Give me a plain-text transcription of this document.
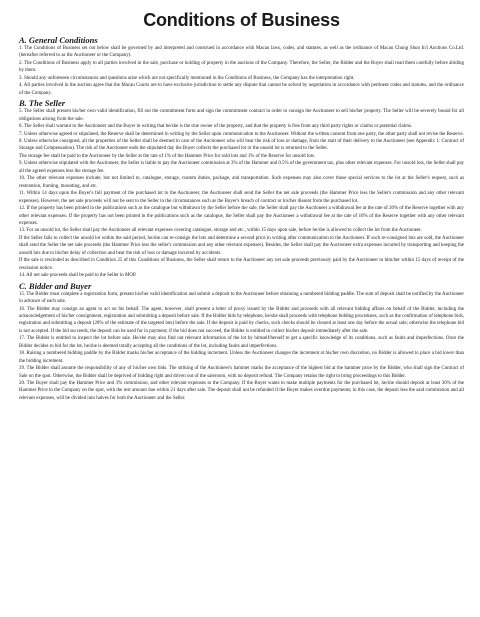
Conditions of Business
A. General Conditions

1. The Conditions of Business set out below shall be governed by and interpreted and construed in accordance with Macau laws, codes, and statutes, as well as the ordinance of Macau Chung Shun In'i Auctions Co.Ltd. (hereafter referred to as the Auctioneer or the Company).

2. The Conditions of Business apply to all parties involved in the sale, purchase or holding of property in the auctions of the Company. Therefore, the Seller, the Bidder and the Buyer shall read them carefully before abiding by them.

3. Should any unforeseen circumstances and questions arise which are not specifically mentioned in the Conditions of Business, the Company has the interpretation right.

4. All parties involved in the auction agree that the Macau Courts are to have exclusive jurisdiction to settle any dispute that cannot be solved by negotiation in accordance with pertinent codes and statutes, and the ordinance of the Company.

B. The Seller

5. The Seller shall present his/her own valid identification, fill out the commitment form and sign the commitment contract in order to consign the Auctioneer to sell his/her property. The Seller will be severely bound for all obligations arising from the sale.

6. The Seller shall warrant to the Auctioneer and the Buyer in writing that he/she is the true owner of the property, and that the property is free from any third party rights or claims or potential claims.

7. Unless otherwise agreed or stipulated, the Reserve shall be determined in writing by the Seller upon communication to the Auctioneer. Without the written consent from one party, the other party shall not revise the Reserve.

8. Unless otherwise consigned, all the properties of the Seller shall be deemed in care of the Auctioneer who will bear the risk of loss or damage, from the start of their delivery to the Auctioneer (see Appendix 1: Contract of Storage and Compensation). The risk of the Auctioneer ends the stipulated day the Buyer collects the purchased lot or the unsold lot is returned to the Seller.

The storage fee shall be paid to the Auctioneer by the Seller at the rate of 1% of the Hammer Price for sold lots and 1% of the Reserve for unsold lots.

9. Unless otherwise stipulated with the Auctioneer, the Seller is liable to pay the Auctioneer commission at 3% of the Hammer and 0.5% of the government tax, plus other relevant expenses. For unsold lots, the Seller shall pay all the agreed expenses less the storage fee.

10. The other relevant expenses include, but not limited to, catalogue, storage, custom duties, package, and transportation. Such expenses may also cover those special services to the lot at the Seller's request, such as restoration, framing, mounting, and etc.

11. Within 14 days upon the Buyer's full payment of the purchased lot to the Auctioneer, the Auctioneer shall send the Seller the net sale proceeds (the Hammer Price less the Seller's commission and any other relevant expenses). However, the net sale proceeds will not be sent to the Seller in the circumstances such as the Buyer's breach of contract or his/her dissent from the purchased lot.

12. If the property has been printed in the publications such as the catalogue but withdrawn by the Seller before the sale, the Seller shall pay the Auctioneer a withdrawal fee at the rate of 20% of the Reserve together with any other relevant expenses. If the property has not been printed in the publications such as the catalogue, the Seller shall pay the Auctioneer a withdrawal fee at the rate of 10% of the Reserve together with any other relevant expenses.

13. For an unsold lot, the Seller shall pay the Auctioneer all relevant expenses covering catalogue, storage and etc., within 15 days upon sale, before he/she is allowed to collect the lot from the Auctioneer.

If the Seller fails to collect the unsold lot within the said period, he/she can re-consign the lots and determine a second price in writing after communication to the Auctioneer. If such re-consigned lots are sold, the Auctioneer shall send the Seller the net sale proceeds (the Hammer Price less the seller's commission and any other relevant expenses). Besides, the Seller shall pay the Auctioneer extra expenses incurred by transporting and keeping the unsold lots due to his/her delay of collection and bear the risk of loss or damage incurred by accidents.

If the sale is rescinded as described in Condition 25 of this Conditions of Business, the Seller shall return to the Auctioneer any net sale proceeds previously paid by the Auctioneer to him/her within 15 days of receipt of the rescission notice.

14. All net sale proceeds shall be paid to the Seller in MOP.

C. Bidder and Buyer

15. The Bidder must complete a registration form, present his/her valid identification and submit a deposit to the Auctioneer before obtaining a numbered bidding paddle. The sum of deposit shall be notified by the Auctioneer in advance of each sale.

16. The Bidder may consign an agent to act on his behalf. The agent, however, shall present a letter of proxy issued by the Bidder and proceeds with all relevant bidding affairs on behalf of the Bidder, including the acknowledgement of his/her consignment, registration and submitting a deposit before sale. If the Bidder bids by telephone, he/she shall proceeds with telephone bidding procedures, such as the confirmation of telephone bids, registration and submitting a deposit (20% of the estimate of the targeted lots) before the sale. If the deposit is paid by checks, such checks should be cleared at least one day before the actual sale; otherwise the telephone bid is not accepted. If the bid succeeds, the deposit can be used for in payment; if the bid does not succeed, the Bidder is entitled to collect his/her deposit immediately after the sale.

17. The Bidder is entitled to inspect the lot before sale. He/she may also find out relevant information of the lot by himself/herself to get a specific knowledge of its conditions, such as faults and imperfections. Once the Bidder decides to bid for the lot, he/she is deemed totally accepting all the conditions of the lot, including faults and imperfections.

18. Raising a numbered bidding paddle by the Bidder marks his/her acceptance of the bidding increment. Unless the Auctioneer changes the increment at his/her own discretion, no Bidder is allowed to place a bid lower than the bidding increment.

19. The Bidder shall assume the responsibility of any of his/her own bids. The striking of the Auctioneer's hammer marks the acceptance of the highest bid at the hammer price by the Bidder, who shall sign the Contract of Sale on the spot. Otherwise, the Bidder shall be deprived of bidding right and driven out of the saleroom, with no deposit refund. The Company retains the right to bring proceedings to this Bidder.

20. The Buyer shall pay the Hammer Price and 3% commission, and other relevant expenses to the Company. If the Buyer wants to make multiple payments for the purchased lot, he/she should deposit at least 30% of the Hammer Price to the Company on the spot, with the rest amount due within 21 days after sale. The deposit shall not be refunded if the Buyer makes overdue payments; in this case, the deposit less the said commission and all relevant expenses, will be divided into halves for both the Auctioneer and the Seller.
